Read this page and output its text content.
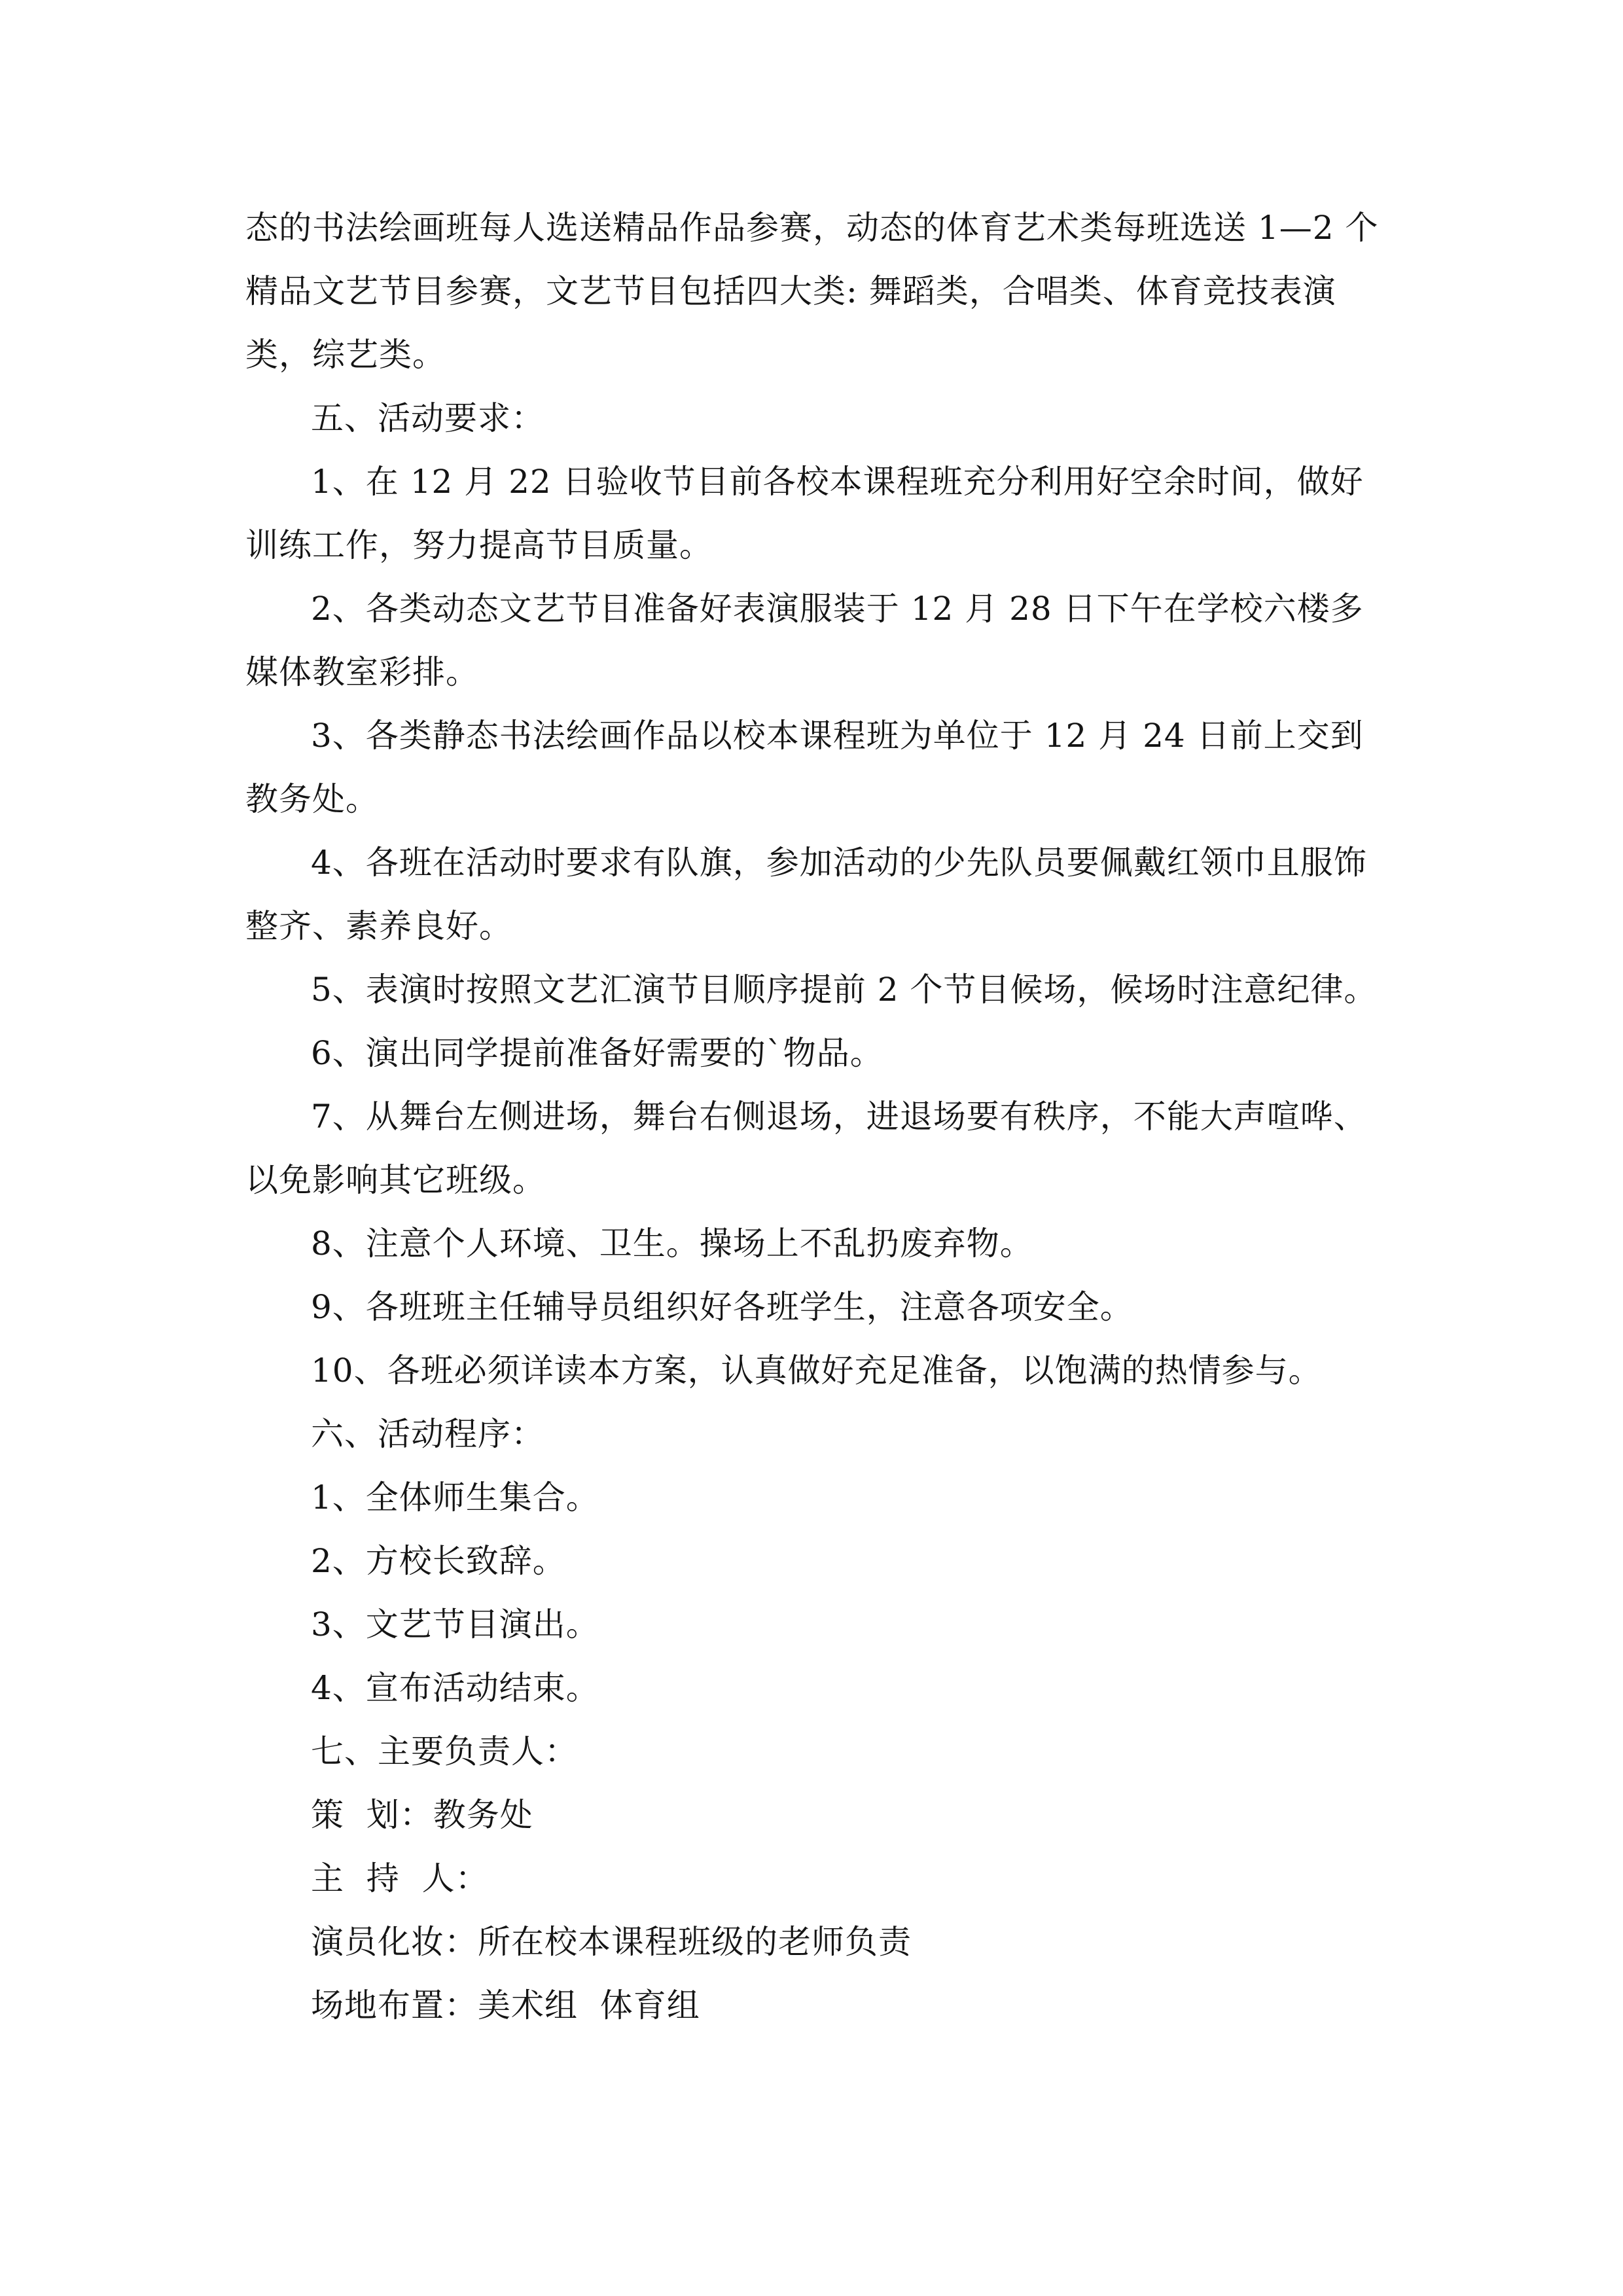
态的书法绘画班每人选送精品作品参赛，动态的体育艺术类每班选送 1—2 个精品文艺节目参赛，文艺节目包括四大类: 舞蹈类，合唱类、体育竞技表演类，综艺类。

五、活动要求：

1、在 12 月 22 日验收节目前各校本课程班充分利用好空余时间，做好训练工作，努力提高节目质量。

2、各类动态文艺节目准备好表演服装于 12 月 28 日下午在学校六楼多媒体教室彩排。

3、各类静态书法绘画作品以校本课程班为单位于 12 月 24 日前上交到教务处。

4、各班在活动时要求有队旗，参加活动的少先队员要佩戴红领巾且服饰整齐、素养良好。

5、表演时按照文艺汇演节目顺序提前 2 个节目候场，候场时注意纪律。

6、演出同学提前准备好需要的`物品。

7、从舞台左侧进场，舞台右侧退场，进退场要有秩序，不能大声喧哗、以免影响其它班级。

8、注意个人环境、卫生。操场上不乱扔废弃物。

9、各班班主任辅导员组织好各班学生，注意各项安全。

10、各班必须详读本方案，认真做好充足准备，以饱满的热情参与。

六、活动程序：

1、全体师生集合。

2、方校长致辞。

3、文艺节目演出。

4、宣布活动结束。

七、主要负责人：

策  划：教务处

主  持  人：

演员化妆：所在校本课程班级的老师负责

场地布置：美术组  体育组
